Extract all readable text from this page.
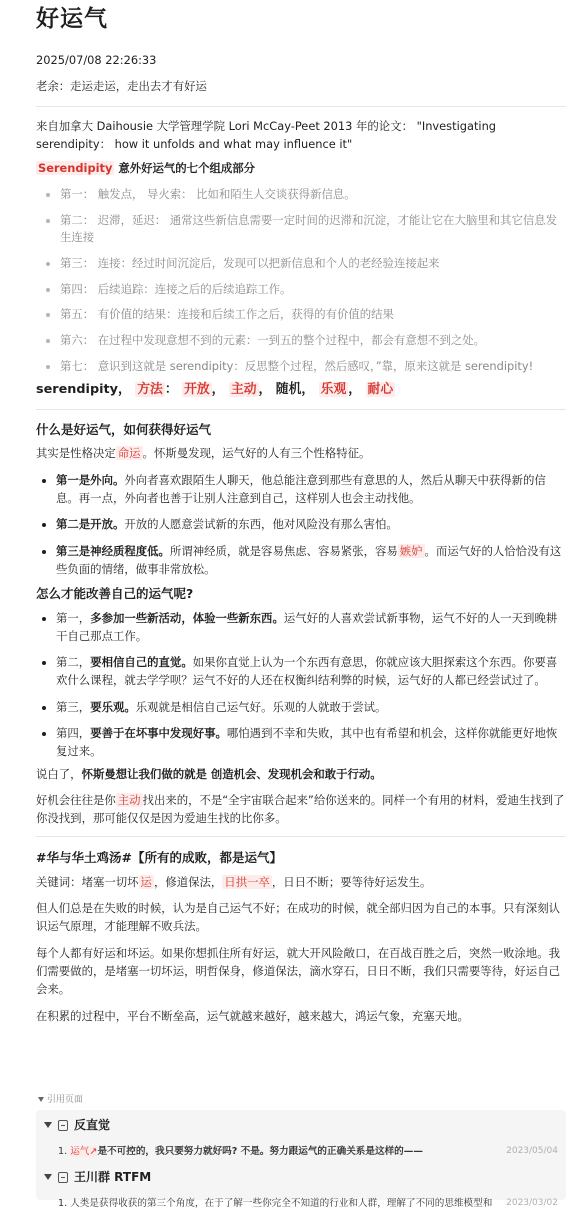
好运气
2025/07/08 22:26:33
老余：走运走运，走出去才有好运
来自加拿大 Daihousie 大学管理学院 Lori McCay-Peet 2013 年的论文： "Investigating serendipity： how it unfolds and what may influence it"
Serendipity 意外好运气的七个组成部分
第一： 触发点， 导火索： 比如和陌生人交谈获得新信息。
第二： 迟滞，延迟： 通常这些新信息需要一定时间的迟滞和沉淀，才能让它在大脑里和其它信息发生连接
第三： 连接：经过时间沉淀后，发现可以把新信息和个人的老经验连接起来
第四： 后续追踪：连接之后的后续追踪工作。
第五： 有价值的结果：连接和后续工作之后，获得的有价值的结果
第六： 在过程中发现意想不到的元素：一到五的整个过程中，都会有意想不到之处。
第七： 意识到这就是 serendipity：反思整个过程，然后感叹，”靠，原来这就是 serendipity!
serendipity， 方法 ： 开放 ， 主动 ， 随机， 乐观 ， 耐心
什么是好运气，如何获得好运气
其实是性格决定 命运 。怀斯曼发现，运气好的人有三个性格特征。
第一是外向。外向者喜欢跟陌生人聊天，他总能注意到那些有意思的人，然后从聊天中获得新的信息。再一点，外向者也善于让别人注意到自己，这样别人也会主动找他。
第二是开放。开放的人愿意尝试新的东西，他对风险没有那么害怕。
第三是神经质程度低。所谓神经质，就是容易焦虑、容易紧张，容易 嫉妒 。而运气好的人恰恰没有这些负面的情绪，做事非常放松。
怎么才能改善自己的运气呢?
第一，多参加一些新活动，体验一些新东西。运气好的人喜欢尝试新事物，运气不好的人一天到晚耕干自己那点工作。
第二，要相信自己的直觉。如果你直觉上认为一个东西有意思，你就应该大胆探索这个东西。你要喜欢什么课程，就去学学呗？运气不好的人还在权衡纠结利弊的时候，运气好的人都已经尝试过了。
第三，要乐观。乐观就是相信自己运气好。乐观的人就敢于尝试。
第四，要善于在坏事中发现好事。哪怕遇到不幸和失败，其中也有希望和机会，这样你就能更好地恢复过来。
说白了，怀斯曼想让我们做的就是 创造机会、发现机会和敢于行动。
好机会往往是你 主动 找出来的，不是“全宇宙联合起来”给你送来的。同样一个有用的材料，爱迪生找到了你没找到，那可能仅仅是因为爱迪生找的比你多。
#华与华土鸡汤#【所有的成败，都是运气】
关键词：堵塞一切坏 运 ，修道保法， 日拱一卒 ，日日不断；要等待好运发生。

但人们总是在失败的时候，认为是自己运气不好；在成功的时候，就全部归因为自己的本事。只有深刻认识运气原理，才能理解不败兵法。

每个人都有好运和坏运。如果你想抓住所有好运，就大开风险敞口，在百战百胜之后，突然一败涂地。我们需要做的，是堵塞一切坏运，明哲保身，修道保法，滴水穿石，日日不断，我们只需要等待，好运自己会来。

在积累的过程中，平台不断垒高，运气就越来越好，越来越大，鸿运气象，充塞天地。

引用页面
反直觉
1. 运气↗是不可控的，我只要努力就好吗? 不是。努力跟运气的正确关系是这样的——	2023/05/04
王川群 RTFM
1. 人类是获得收获的第三个角度，在于了解一些你完全不知道的行业和人群，理解了不同的思维模型和 2023/03/02
